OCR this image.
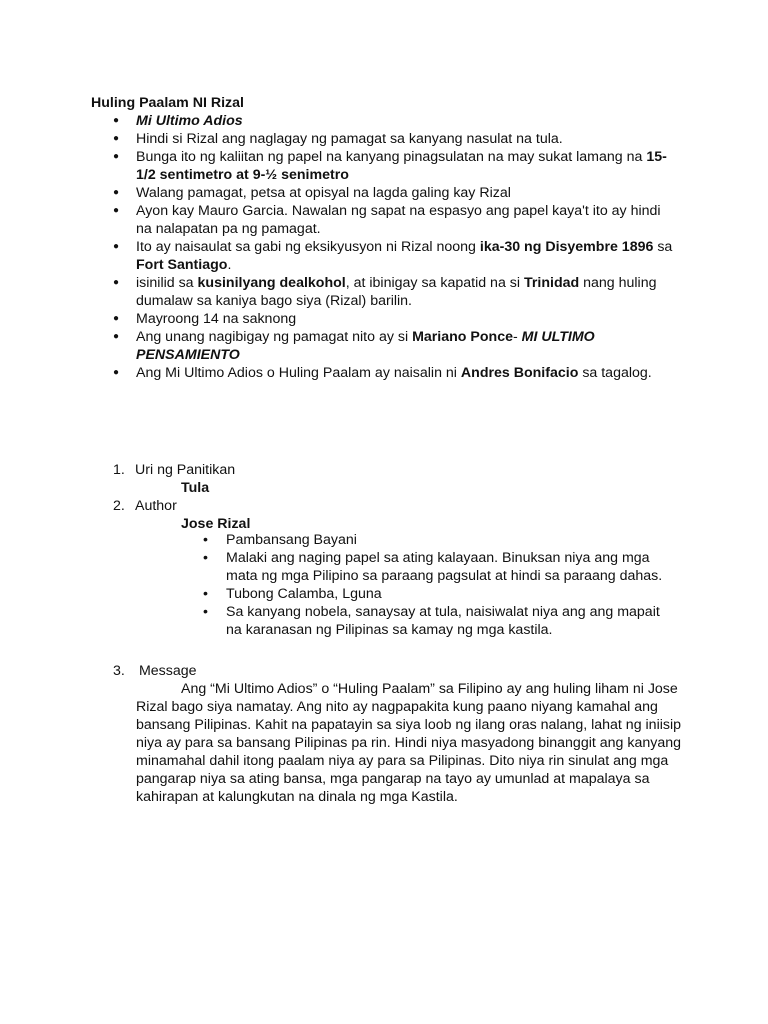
Huling Paalam NI Rizal

● Mi Ultimo Adios
● Hindi si Rizal ang naglagay ng pamagat sa kanyang nasulat na tula.
● Bunga ito ng kaliitan ng papel na kanyang pinagsulatan na may sukat lamang na 15-1/2 sentimetro at 9-½ senimetro
● Walang pamagat, petsa at opisyal na lagda galing kay Rizal
● Ayon kay Mauro Garcia. Nawalan ng sapat na espasyo ang papel kaya't ito ay hindi na nalapatan pa ng pamagat.
● Ito ay naisaulat sa gabi ng eksikyusyon ni Rizal noong ika-30 ng Disyembre 1896 sa Fort Santiago.
● isinilid sa kusinilyang dealkohol, at ibinigay sa kapatid na si Trinidad nang huling dumalaw sa kaniya bago siya (Rizal) barilin.
● Mayroong 14 na saknong
● Ang unang nagibigay ng pamagat nito ay si Mariano Ponce- MI ULTIMO PENSAMIENTO
● Ang Mi Ultimo Adios o Huling Paalam ay naisalin ni Andres Bonifacio sa tagalog.
1. Uri ng Panitikan
Tula
2. Author
Jose Rizal
• Pambansang Bayani
• Malaki ang naging papel sa ating kalayaan. Binuksan niya ang mga mata ng mga Pilipino sa paraang pagsulat at hindi sa paraang dahas.
• Tubong Calamba, Lguna
• Sa kanyang nobela, sanaysay at tula, naisiwalat niya ang ang mapait na karanasan ng Pilipinas sa kamay ng mga kastila.
3. Message

Ang “Mi Ultimo Adios” o “Huling Paalam” sa Filipino ay ang huling liham ni Jose Rizal bago siya namatay. Ang nito ay nagpapakita kung paano niyang kamahal ang bansang Pilipinas. Kahit na papatayin sa siya loob ng ilang oras nalang, lahat ng iniisip niya ay para sa bansang Pilipinas pa rin. Hindi niya masyadong binanggit ang kanyang minamahal dahil itong paalam niya ay para sa Pilipinas. Dito niya rin sinulat ang mga pangarap niya sa ating bansa, mga pangarap na tayo ay umunlad at mapalaya sa kahirapan at kalungkutan na dinala ng mga Kastila.
